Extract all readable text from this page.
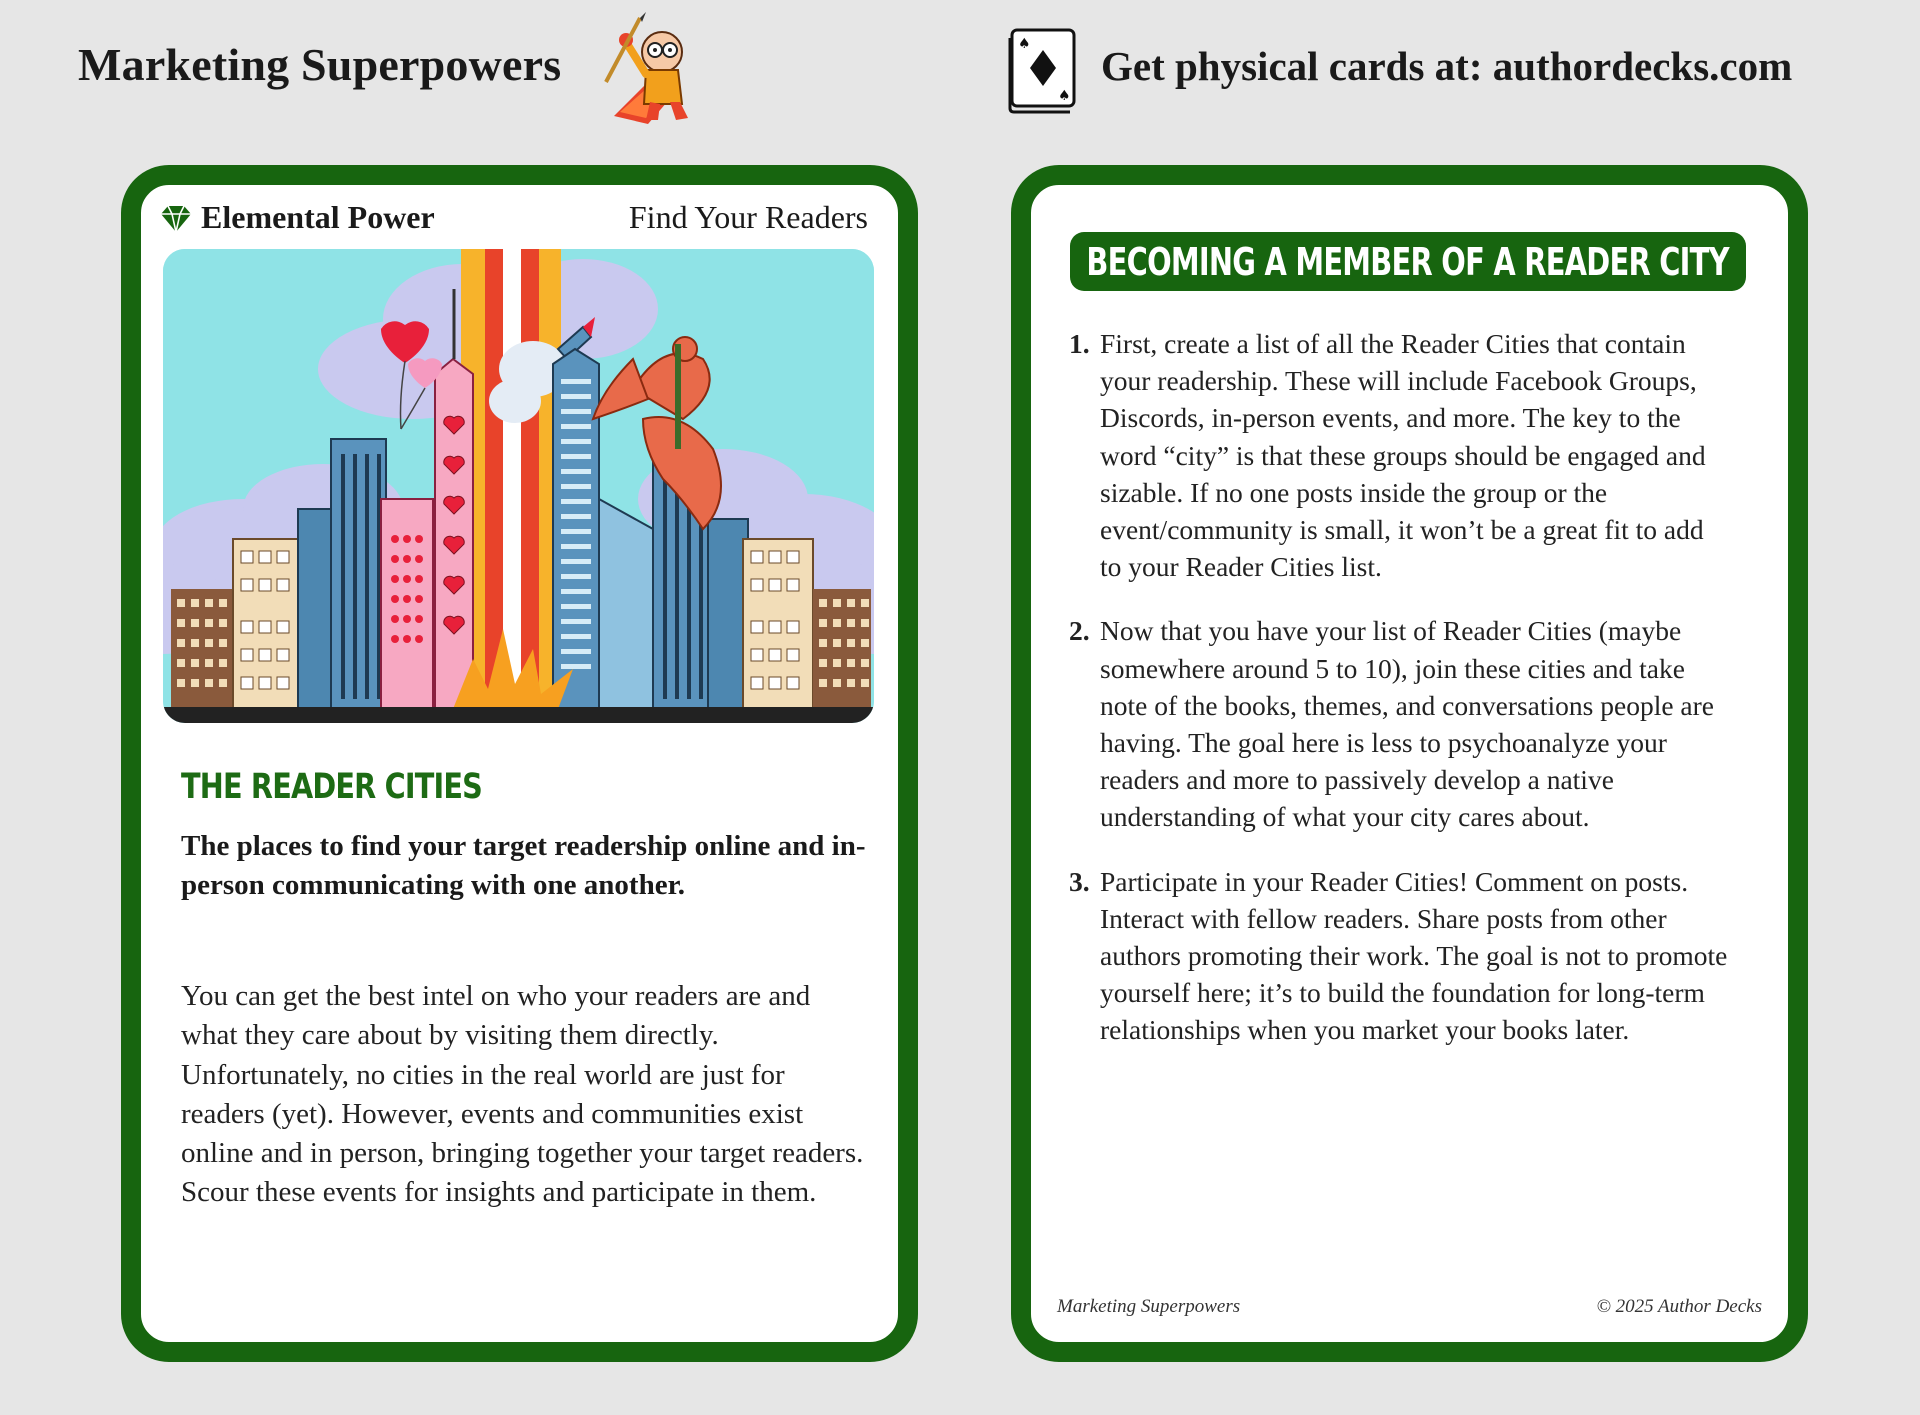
Marketing Superpowers	♠
♠
Get physical cards at: authordecks.com
Elemental Power	Find Your Readers
THE READER CITIES
The places to find your target readership online and in-person communicating with one another.
You can get the best intel on who your readers are and what they care about by visiting them directly. Unfortunately, no cities in the real world are just for readers (yet). However, events and communities exist online and in person, bringing together your target readers. Scour these events for insights and participate in them.
BECOMING A MEMBER OF A READER CITY
1. First, create a list of all the Reader Cities that contain your readership. These will include Facebook Groups, Discords, in-person events, and more. The key to the word “city” is that these groups should be engaged and sizable. If no one posts inside the group or the event/community is small, it won’t be a great fit to add to your Reader Cities list.
2. Now that you have your list of Reader Cities (maybe somewhere around 5 to 10), join these cities and take note of the books, themes, and conversations people are having. The goal here is less to psychoanalyze your readers and more to passively develop a native understanding of what your city cares about.
3. Participate in your Reader Cities! Comment on posts. Interact with fellow readers. Share posts from other authors promoting their work. The goal is not to promote yourself here; it’s to build the foundation for long-term relationships when you market your books later.
Marketing Superpowers	© 2025 Author Decks
